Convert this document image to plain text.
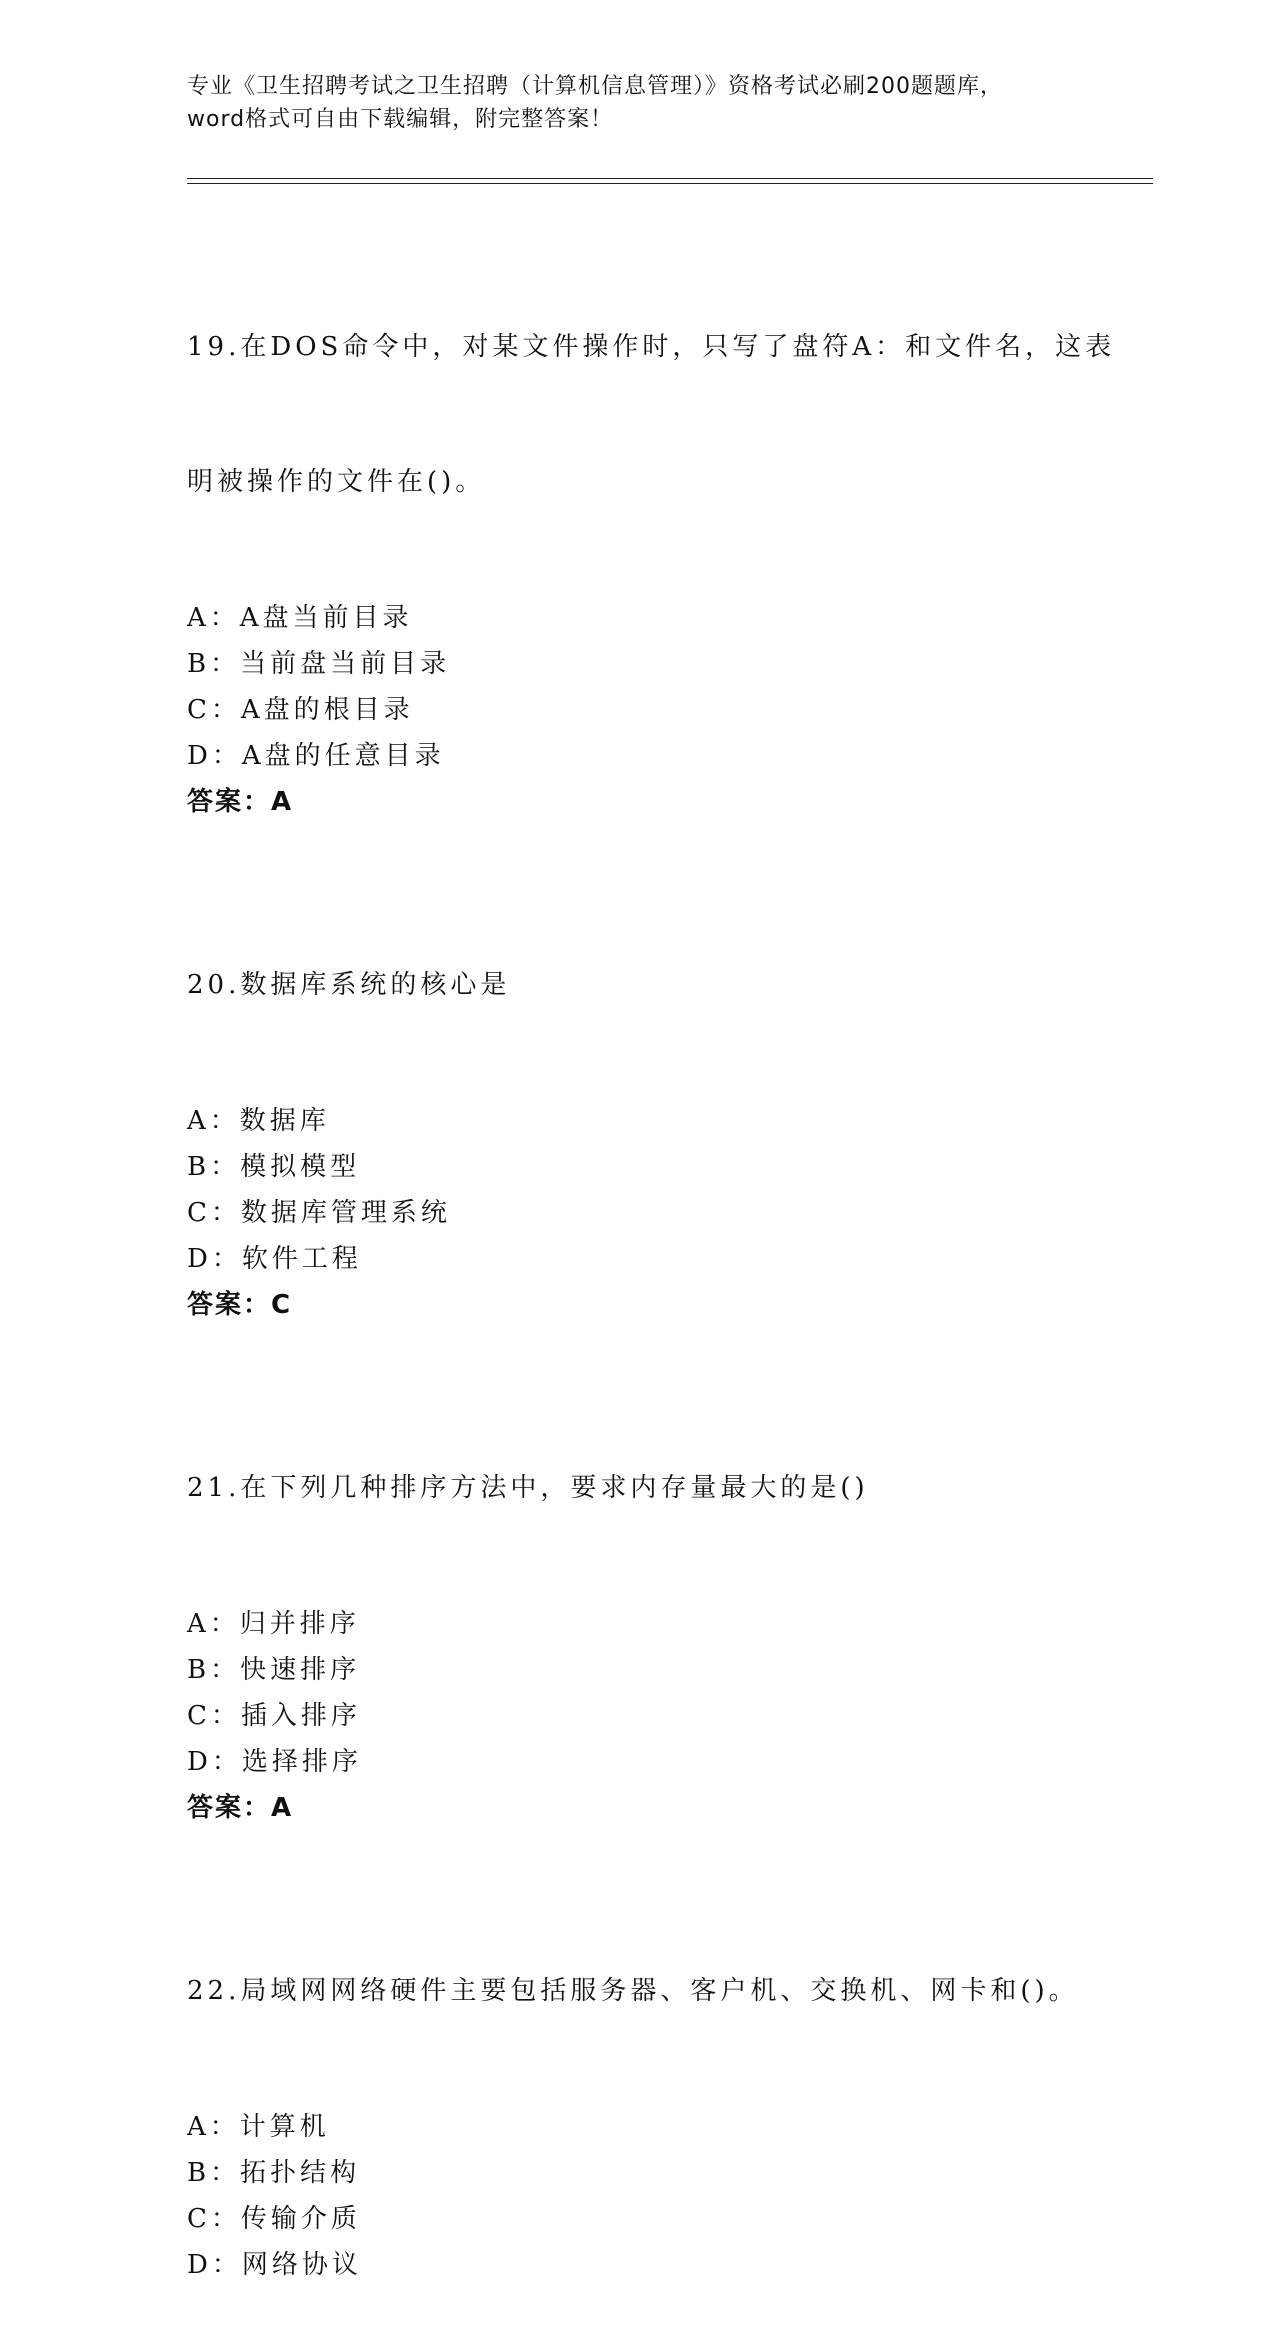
专业《卫生招聘考试之卫生招聘（计算机信息管理）》资格考试必刷200题题库，
word格式可自由下载编辑，附完整答案！

19.在DOS命令中，对某文件操作时，只写了盘符A：和文件名，这表

明被操作的文件在()。

A：A盘当前目录
B：当前盘当前目录
C：A盘的根目录
D：A盘的任意目录
答案：A

20.数据库系统的核心是

A：数据库
B：模拟模型
C：数据库管理系统
D：软件工程
答案：C

21.在下列几种排序方法中，要求内存量最大的是()

A：归并排序
B：快速排序
C：插入排序
D：选择排序
答案：A

22.局域网网络硬件主要包括服务器、客户机、交换机、网卡和()。

A：计算机
B：拓扑结构
C：传输介质
D：网络协议
